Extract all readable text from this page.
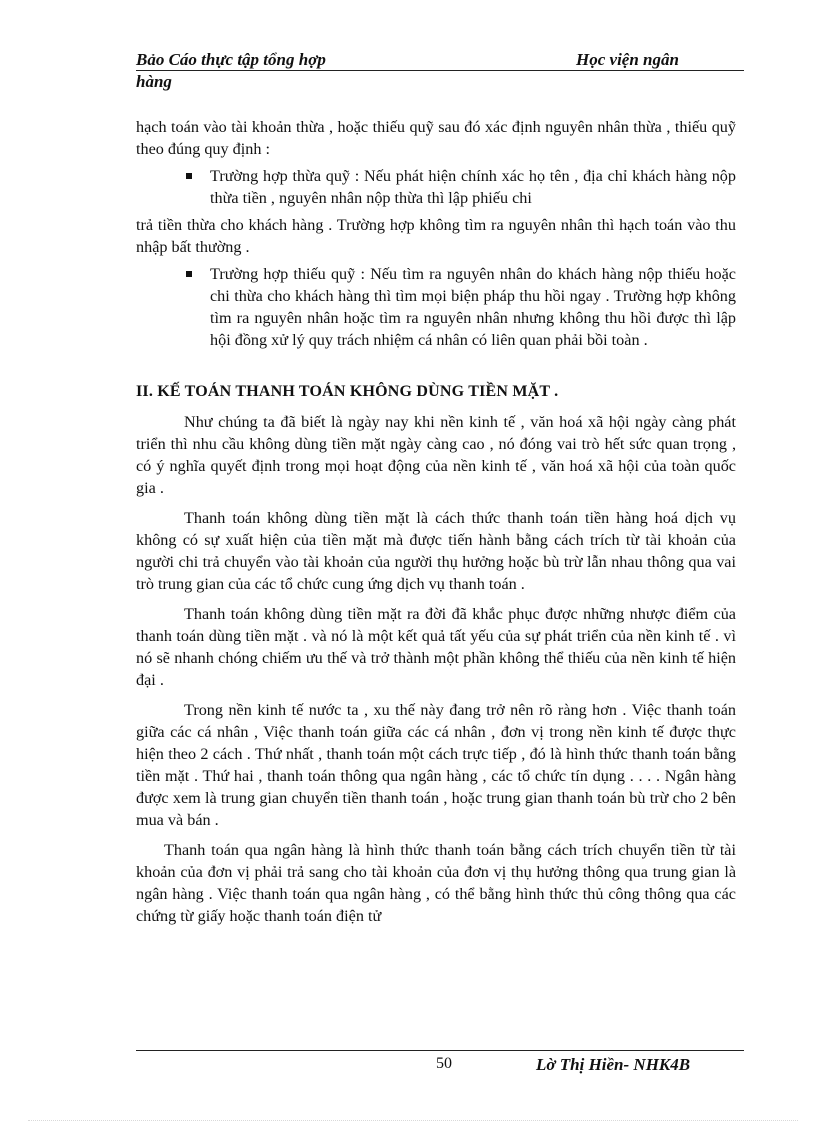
Bảo Cáo thực tập tổng hợp	Học viện ngân
hàng

hạch toán vào tài khoản thừa , hoặc thiếu quỹ sau đó xác định nguyên nhân thừa , thiếu quỹ theo đúng quy định :

Trường hợp thừa quỹ : Nếu phát hiện chính xác họ tên , địa chỉ khách hàng nộp thừa tiền , nguyên nhân nộp thừa thì lập phiếu chi

trả tiền thừa cho khách hàng . Trường hợp không tìm ra nguyên nhân thì hạch toán vào thu nhập bất thường .

Trường hợp thiếu quỹ : Nếu tìm ra nguyên nhân do khách hàng nộp thiếu hoặc chi thừa cho khách hàng thì tìm mọi biện pháp thu hồi ngay . Trường hợp không tìm ra nguyên nhân hoặc tìm ra nguyên nhân nhưng không thu hồi được thì lập hội đồng xử lý quy trách nhiệm cá nhân có liên quan phải bồi toàn .

II. KẾ TOÁN THANH TOÁN KHÔNG DÙNG TIỀN MẶT .

Như chúng ta đã biết là ngày nay khi nền kinh tế , văn hoá xã hội ngày càng phát triển thì nhu cầu không dùng tiền mặt ngày càng cao , nó đóng vai trò hết sức quan trọng , có ý nghĩa quyết định trong mọi hoạt động của nền kinh tế , văn hoá xã hội của toàn quốc gia .

Thanh toán không dùng tiền mặt là cách thức thanh toán tiền hàng hoá dịch vụ không có sự xuất hiện của tiền mặt mà được tiến hành bằng cách trích từ tài khoản của người chi trả chuyển vào tài khoản của người thụ hưởng hoặc bù trừ lẫn nhau thông qua vai trò trung gian của các tổ chức cung ứng dịch vụ thanh toán .

Thanh toán không dùng tiền mặt ra đời đã khắc phục được những nhược điểm của thanh toán dùng tiền mặt . và nó là một kết quả tất yếu của sự phát triển của nền kinh tế . vì nó sẽ nhanh chóng chiếm ưu thế và trở thành một phần không thể thiếu của nền kinh tế hiện đại .

Trong nền kinh tế nước ta , xu thế này đang trở nên rõ ràng hơn . Việc thanh toán giữa các cá nhân , Việc thanh toán giữa các cá nhân , đơn vị trong nền kinh tế được thực hiện theo 2 cách . Thứ nhất , thanh toán một cách trực tiếp , đó là hình thức thanh toán bằng tiền mặt . Thứ hai , thanh toán thông qua ngân hàng , các tổ chức tín dụng . . . . Ngân hàng được xem là trung gian chuyển tiền thanh toán , hoặc trung gian thanh toán bù trừ cho 2 bên mua và bán .

Thanh toán qua ngân hàng là hình thức thanh toán bằng cách trích chuyển tiền từ tài khoản của đơn vị phải trả sang cho tài khoản của đơn vị thụ hưởng thông qua trung gian là ngân hàng . Việc thanh toán qua ngân hàng , có thể bằng hình thức thủ công thông qua các chứng từ giấy hoặc thanh toán điện tử

50	Lờ Thị Hiền- NHK4B
